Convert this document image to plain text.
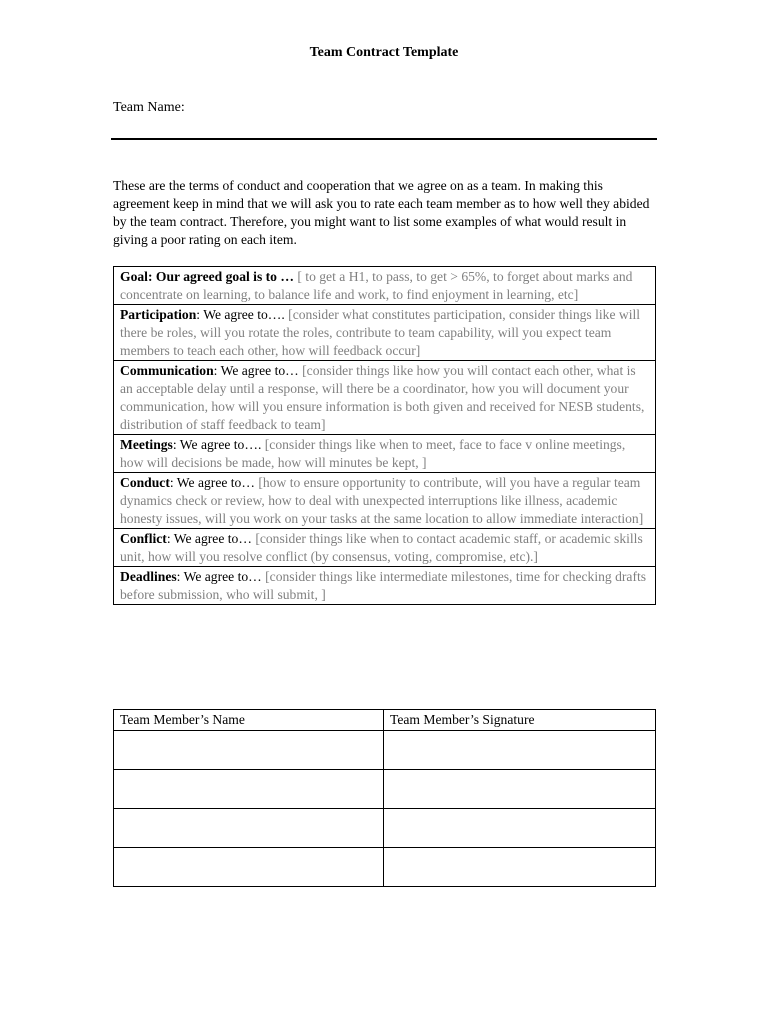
Team Contract Template
Team Name:

These are the terms of conduct and cooperation that we agree on as a team. In making this agreement keep in mind that we will ask you to rate each team member as to how well they abided by the team contract. Therefore, you might want to list some examples of what would result in giving a poor rating on each item.

Goal: Our agreed goal is to … [ to get a H1, to pass, to get > 65%, to forget about marks and concentrate on learning, to balance life and work, to find enjoyment in learning, etc]
Participation: We agree to…. [consider what constitutes participation, consider things like will there be roles, will you rotate the roles, contribute to team capability, will you expect team members to teach each other, how will feedback occur]
Communication: We agree to… [consider things like how you will contact each other, what is an acceptable delay until a response, will there be a coordinator, how you will document your communication, how will you ensure information is both given and received for NESB students, distribution of staff feedback to team]
Meetings: We agree to…. [consider things like when to meet, face to face v online meetings, how will decisions be made, how will minutes be kept, ]
Conduct: We agree to… [how to ensure opportunity to contribute, will you have a regular team dynamics check or review, how to deal with unexpected interruptions like illness, academic honesty issues, will you work on your tasks at the same location to allow immediate interaction]
Conflict: We agree to… [consider things like when to contact academic staff, or academic skills unit, how will you resolve conflict (by consensus, voting, compromise, etc).]
Deadlines: We agree to… [consider things like intermediate milestones, time for checking drafts before submission, who will submit, ]
Team Member’s Name	Team Member’s Signature
